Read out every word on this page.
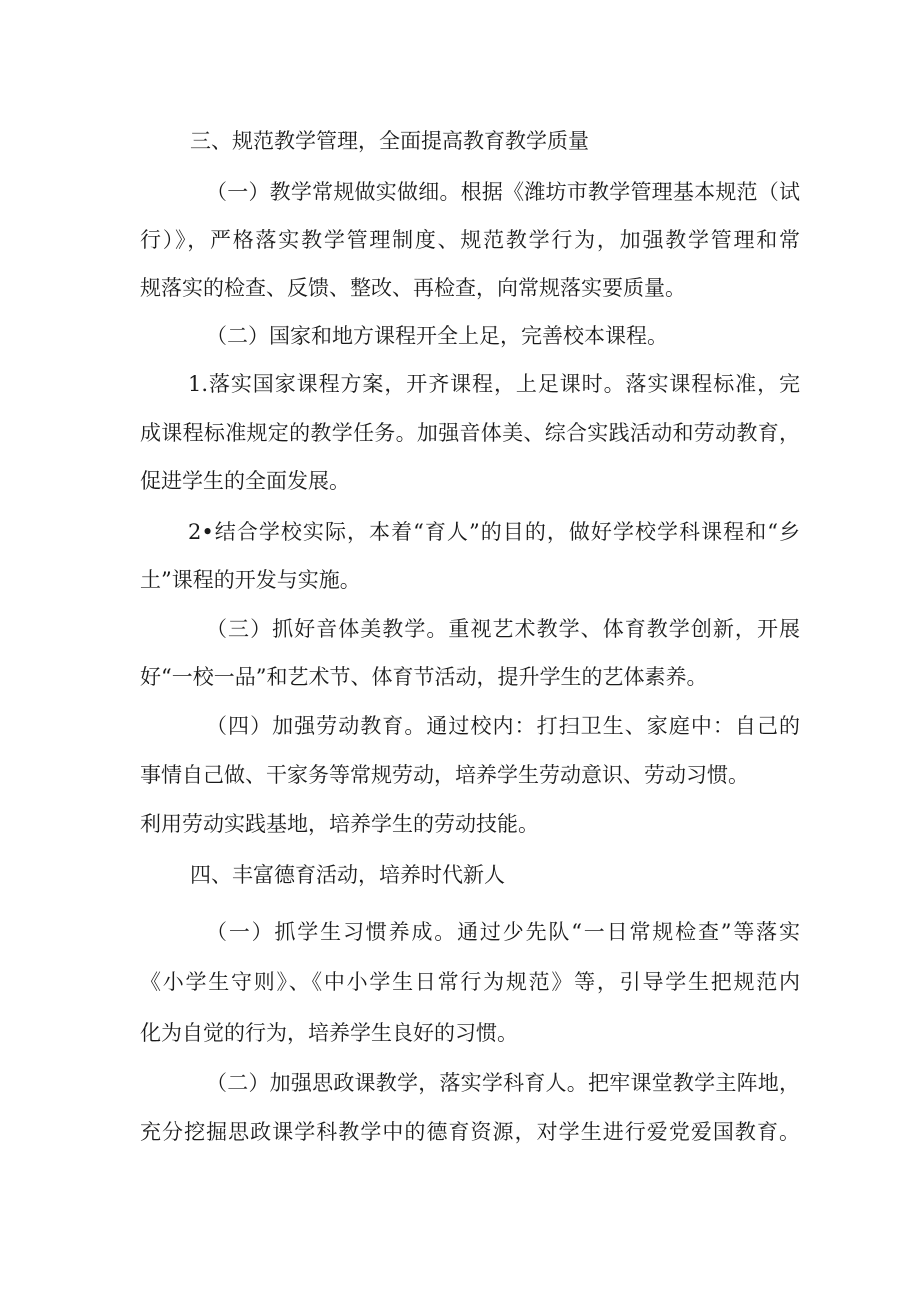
三、规范教学管理，全面提高教育教学质量
（一）教学常规做实做细。根据《潍坊市教学管理基本规范（试
行）》，严格落实教学管理制度、规范教学行为，加强教学管理和常
规落实的检查、反馈、整改、再检查，向常规落实要质量。
（二）国家和地方课程开全上足，完善校本课程。
1.落实国家课程方案，开齐课程，上足课时。落实课程标准，完
成课程标准规定的教学任务。加强音体美、综合实践活动和劳动教育，
促进学生的全面发展。
2•结合学校实际，本着“育人”的目的，做好学校学科课程和“乡
土”课程的开发与实施。
（三）抓好音体美教学。重视艺术教学、体育教学创新，开展
好“一校一品”和艺术节、体育节活动，提升学生的艺体素养。
（四）加强劳动教育。通过校内：打扫卫生、家庭中：自己的
事情自己做、干家务等常规劳动，培养学生劳动意识、劳动习惯。
利用劳动实践基地，培养学生的劳动技能。
四、丰富德育活动，培养时代新人
（一）抓学生习惯养成。通过少先队“一日常规检查”等落实
《小学生守则》、《中小学生日常行为规范》等，引导学生把规范内
化为自觉的行为，培养学生良好的习惯。
（二）加强思政课教学，落实学科育人。把牢课堂教学主阵地，
充分挖掘思政课学科教学中的德育资源，对学生进行爱党爱国教育。
